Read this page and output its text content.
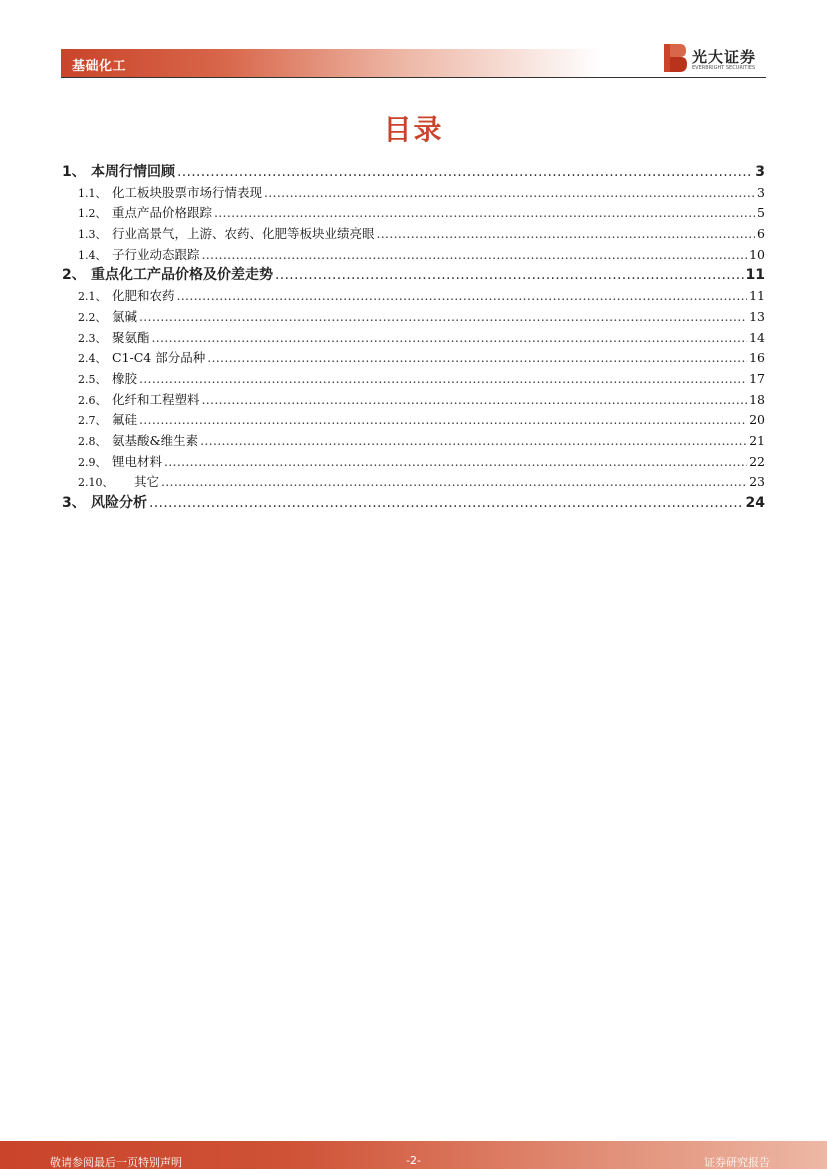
基础化工
光大证券
EVERBRIGHT SECURITIES
目录
1、 本周行情回顾 .....	3
1.1、 化工板块股票市场行情表现 .....	3
1.2、 重点产品价格跟踪 .....	5
1.3、 行业高景气，上游、农药、化肥等板块业绩亮眼 .....	6
1.4、 子行业动态跟踪 .....	10
2、 重点化工产品价格及价差走势 .....	11
2.1、 化肥和农药 .....	11
2.2、 氯碱 .....	13
2.3、 聚氨酯 .....	14
2.4、 C1-C4 部分品种 .....	16
2.5、 橡胶 .....	17
2.6、 化纤和工程塑料 .....	18
2.7、 氟硅 .....	20
2.8、 氨基酸&维生素 .....	21
2.9、 锂电材料 .....	22
2.10、	其它 .....	23
3、 风险分析 .....	24
敬请参阅最后一页特别声明	-2-	证券研究报告
